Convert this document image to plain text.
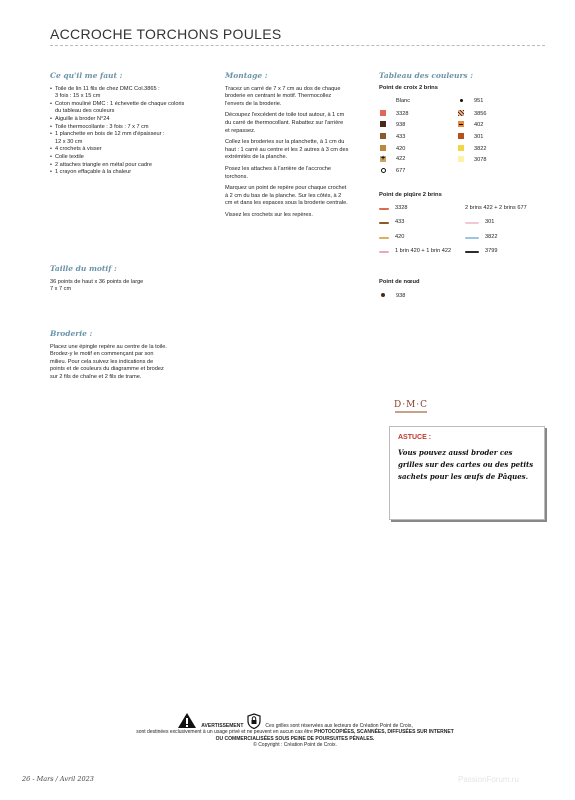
ACCROCHE TORCHONS POULES
Ce qu'il me faut :
• Toile de lin 11 fils de chez DMC Col.3865 :
3 fois : 15 x 15 cm
• Coton mouliné DMC : 1 échevette de chaque coloris
du tableau des couleurs
• Aiguille à broder N°24
• Toile thermocollante : 3 fois : 7 x 7 cm
• 1 planchette en bois de 12 mm d'épaisseur :
12 x 30 cm
• 4 crochets à visser
• Colle textile
• 2 attaches triangle en métal pour cadre
• 1 crayon effaçable à la chaleur
Taille du motif :
36 points de haut x 36 points de large
7 x 7 cm
Broderie :
Placez une épingle repère au centre de la toile. Brodez-y le motif en commençant par son milieu. Pour cela suivez les indications de points et de couleurs du diagramme et brodez sur 2 fils de chaîne et 2 fils de trame.
Montage :

Tracez un carré de 7 x 7 cm au dos de chaque broderie en centrant le motif. Thermocollez l'envers de la broderie.

Découpez l'excédent de toile tout autour, à 1 cm du carré de thermocollant. Rabattez sur l'arrière et repassez.

Collez les broderies sur la planchette, à 1 cm du haut : 1 carré au centre et les 2 autres à 3 cm des extrémités de la planche.

Posez les attaches à l'arrière de l'accroche torchons.

Marquez un point de repère pour chaque crochet à 2 cm du bas de la planche. Sur les côtés, à 2 cm et dans les espaces sous la broderie centrale.

Vissez les crochets sur les repères.

Tableau des couleurs :
Point de croix 2 brins
Blanc	951
3328	3856
938	402
433	301
420	3822
+	422	3078
677
Point de piqûre 2 brins
3328	2 brins 422 + 2 brins 677
433	301
420	3822
1 brin 420 + 1 brin 422	3799
Point de nœud
938
D·M·C
ASTUCE :
Vous pouvez aussi broder ces grilles sur des cartes ou des petits sachets pour les œufs de Pâques.
AVERTISSEMENT	Ces grilles sont réservées aux lecteurs de Création Point de Croix,
sont destinées exclusivement à un usage privé et ne peuvent en aucun cas être PHOTOCOPIÉES, SCANNÉES, DIFFUSÉES SUR INTERNET
OU COMMERCIALISÉES SOUS PEINE DE POURSUITES PÉNALES.
© Copyright : Création Point de Croix.
26 - Mars / Avril 2023	PassionForum.ru
